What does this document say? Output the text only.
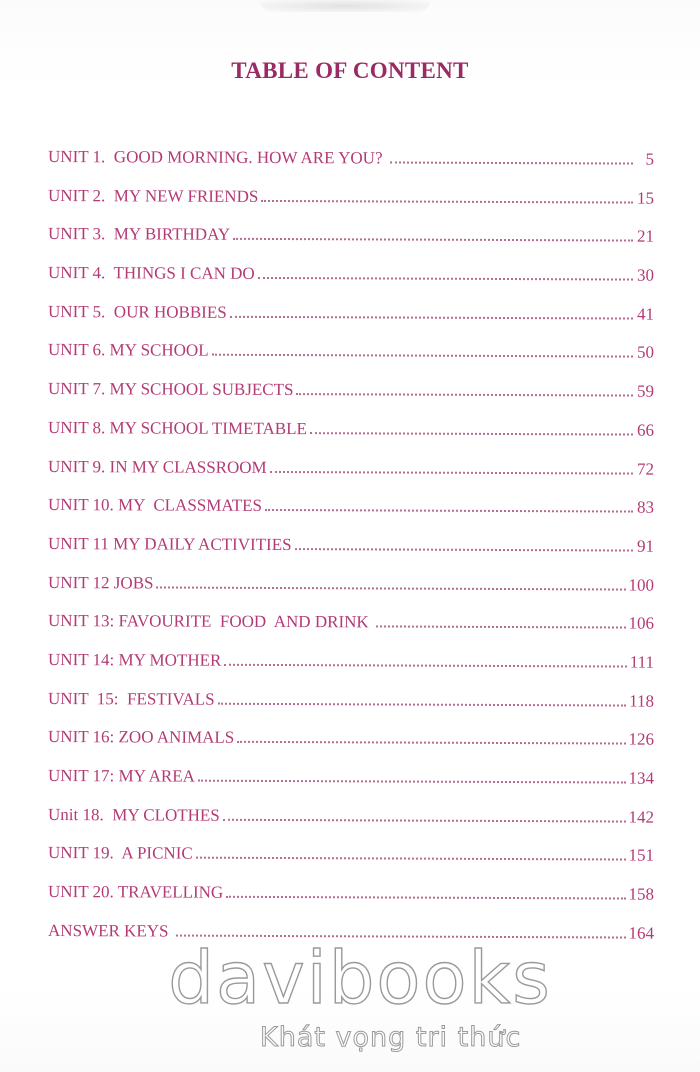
TABLE OF CONTENT
UNIT 1.  GOOD MORNING. HOW ARE YOU?	5
UNIT 2.  MY NEW FRIENDS	15
UNIT 3.  MY BIRTHDAY	21
UNIT 4.  THINGS I CAN DO	30
UNIT 5.  OUR HOBBIES	41
UNIT 6. MY SCHOOL	50
UNIT 7. MY SCHOOL SUBJECTS	59
UNIT 8. MY SCHOOL TIMETABLE	66
UNIT 9. IN MY CLASSROOM	72
UNIT 10. MY  CLASSMATES	83
UNIT 11 MY DAILY ACTIVITIES	91
UNIT 12 JOBS	100
UNIT 13: FAVOURITE  FOOD  AND DRINK	106
UNIT 14: MY MOTHER	111
UNIT  15:  FESTIVALS	118
UNIT 16: ZOO ANIMALS	126
UNIT 17: MY AREA	134
Unit 18.  MY CLOTHES	142
UNIT 19.  A PICNIC	151
UNIT 20. TRAVELLING	158
ANSWER KEYS	164
davibooks
Khát vọng tri thức
